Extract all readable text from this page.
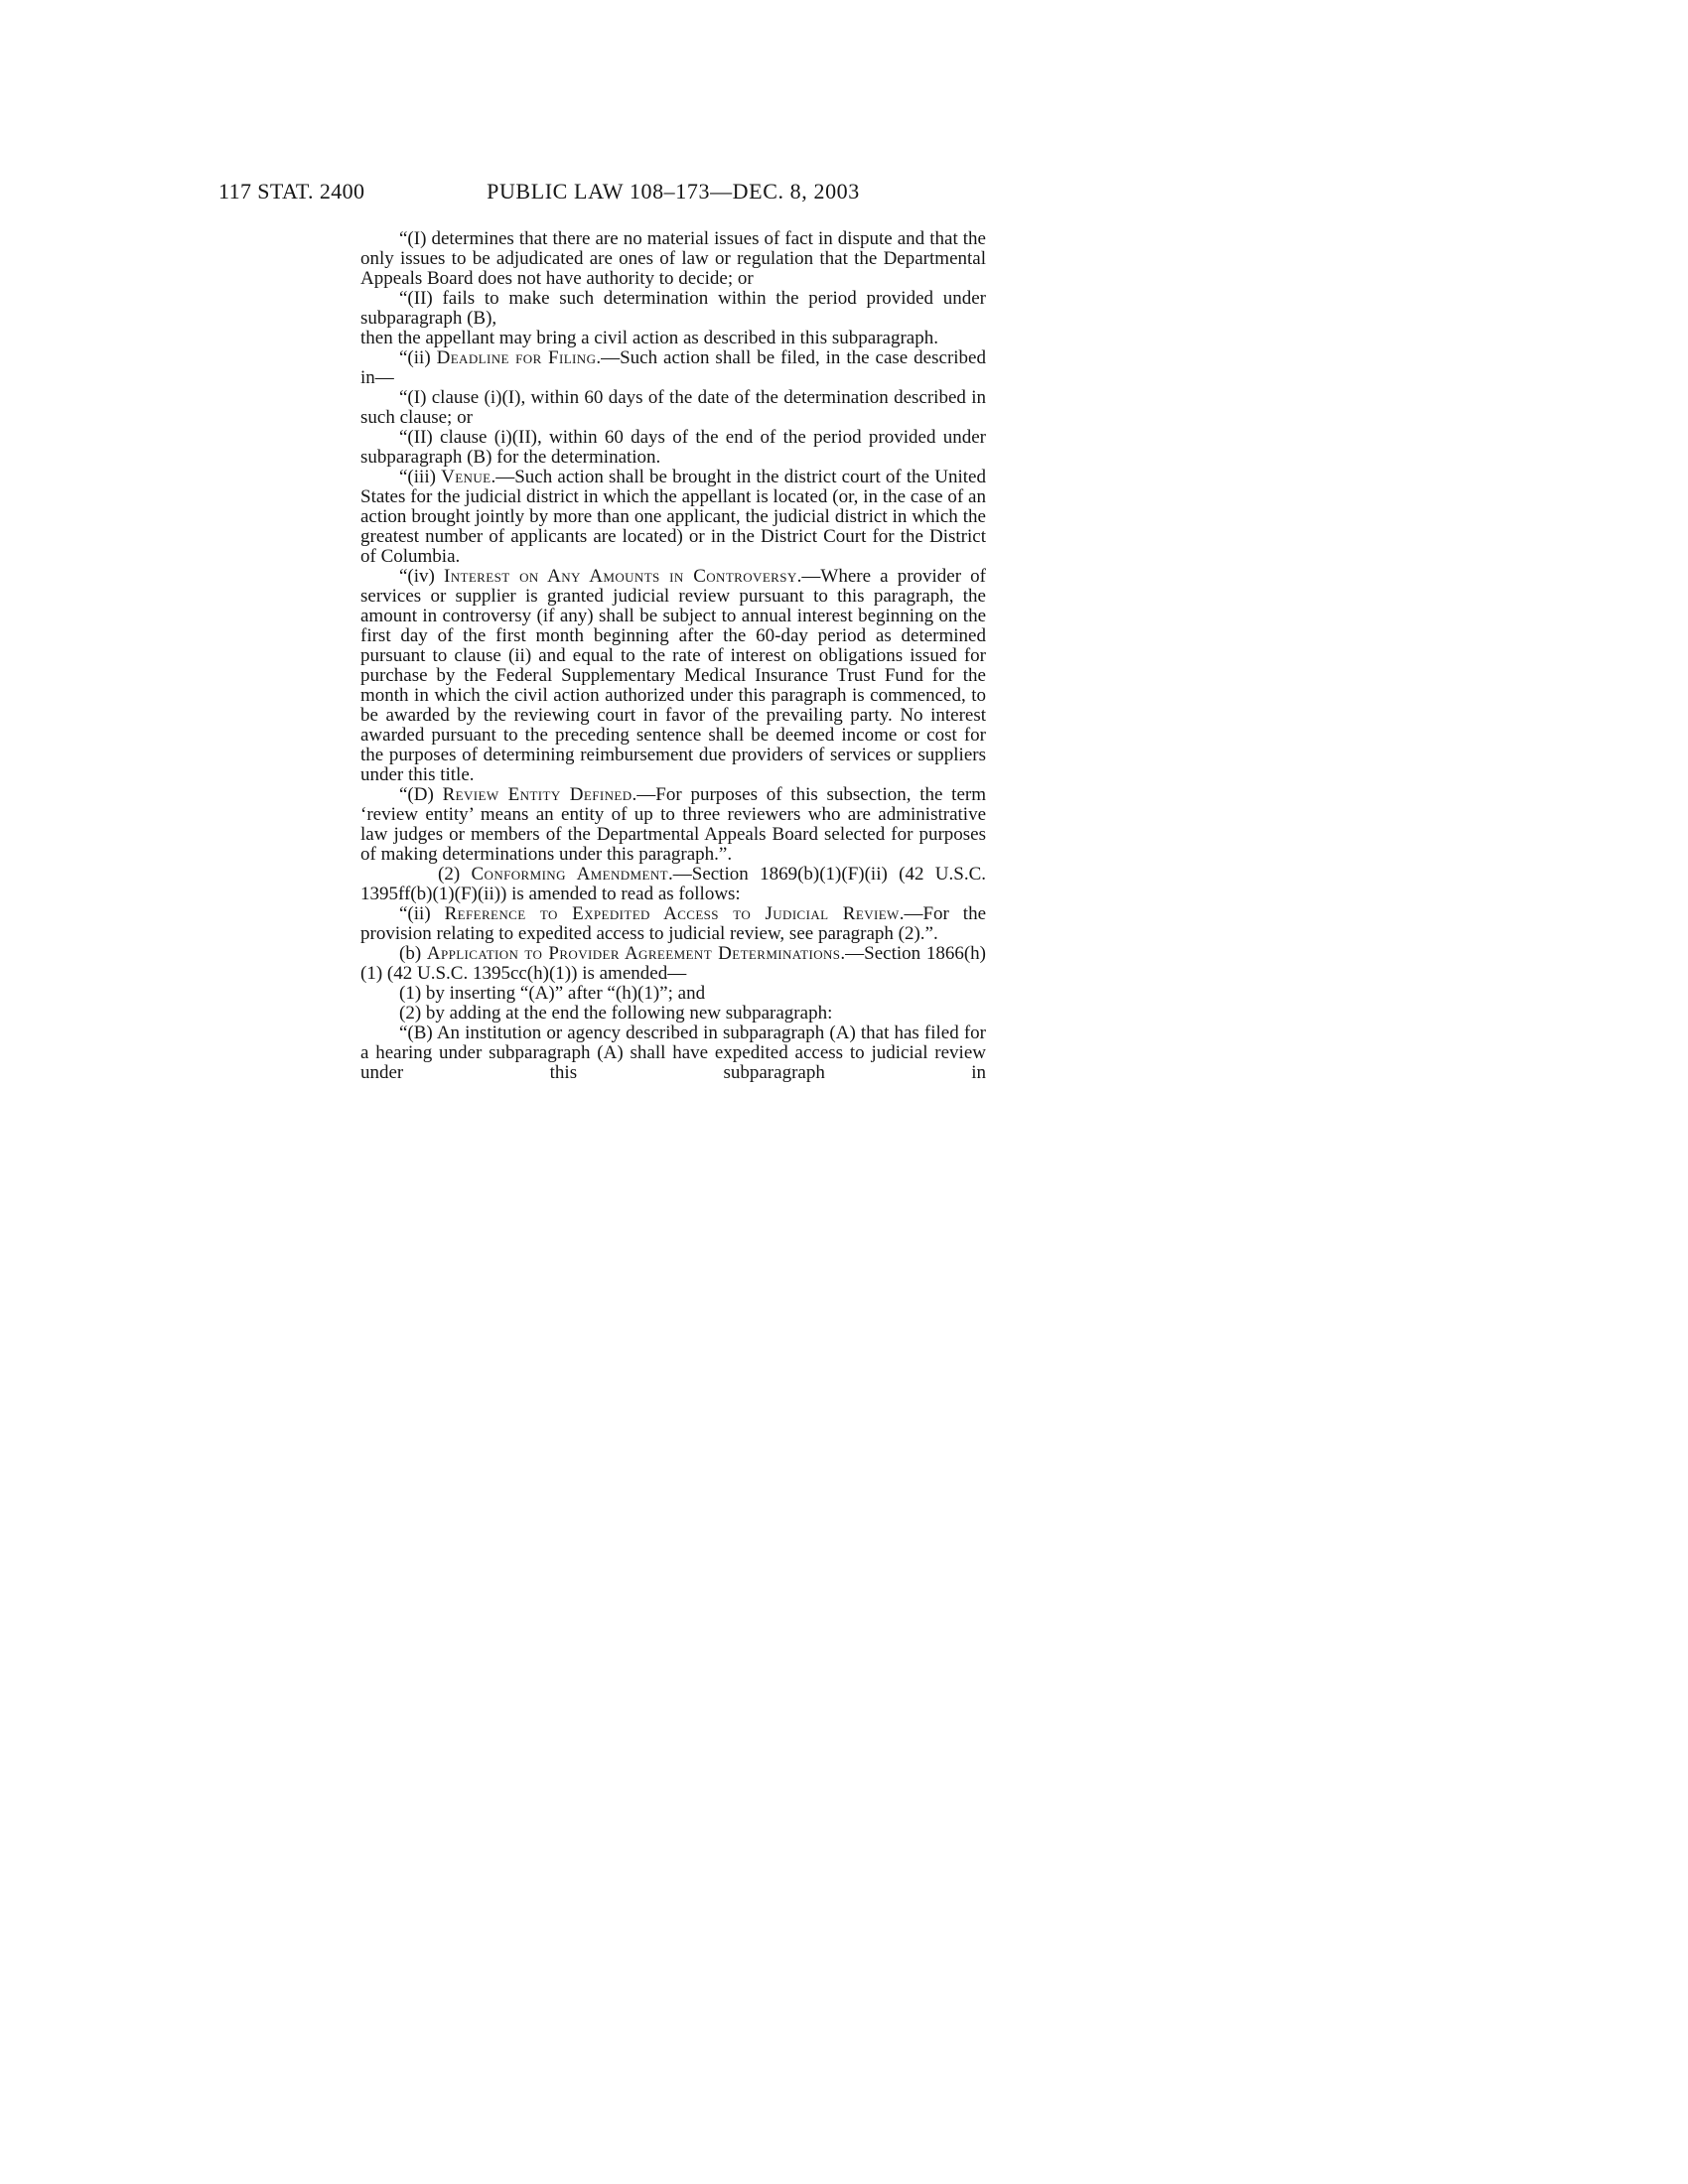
117 STAT. 2400	PUBLIC LAW 108–173—DEC. 8, 2003

“(I) determines that there are no material issues of fact in dispute and that the only issues to be adjudicated are ones of law or regulation that the Departmental Appeals Board does not have authority to decide; or

“(II) fails to make such determination within the period provided under subparagraph (B),

then the appellant may bring a civil action as described in this subparagraph.

“(ii) Deadline for Filing.—Such action shall be filed, in the case described in—

“(I) clause (i)(I), within 60 days of the date of the determination described in such clause; or

“(II) clause (i)(II), within 60 days of the end of the period provided under subparagraph (B) for the determination.

“(iii) Venue.—Such action shall be brought in the district court of the United States for the judicial district in which the appellant is located (or, in the case of an action brought jointly by more than one applicant, the judicial district in which the greatest number of applicants are located) or in the District Court for the District of Columbia.

“(iv) Interest on Any Amounts in Controversy.—Where a provider of services or supplier is granted judicial review pursuant to this paragraph, the amount in controversy (if any) shall be subject to annual interest beginning on the first day of the first month beginning after the 60-day period as determined pursuant to clause (ii) and equal to the rate of interest on obligations issued for purchase by the Federal Supplementary Medical Insurance Trust Fund for the month in which the civil action authorized under this paragraph is commenced, to be awarded by the reviewing court in favor of the prevailing party. No interest awarded pursuant to the preceding sentence shall be deemed income or cost for the purposes of determining reimbursement due providers of services or suppliers under this title.

“(D) Review Entity Defined.—For purposes of this subsection, the term ‘review entity’ means an entity of up to three reviewers who are administrative law judges or members of the Departmental Appeals Board selected for purposes of making determinations under this paragraph.”.

(2) Conforming Amendment.—Section 1869(b)(1)(F)(ii) (42 U.S.C. 1395ff(b)(1)(F)(ii)) is amended to read as follows:

“(ii) Reference to Expedited Access to Judicial Review.—For the provision relating to expedited access to judicial review, see paragraph (2).”.

(b) Application to Provider Agreement Determinations.—Section 1866(h)(1) (42 U.S.C. 1395cc(h)(1)) is amended—

(1) by inserting “(A)” after “(h)(1)”; and

(2) by adding at the end the following new subparagraph:

“(B) An institution or agency described in subparagraph (A) that has filed for a hearing under subparagraph (A) shall have expedited access to judicial review under this subparagraph in
